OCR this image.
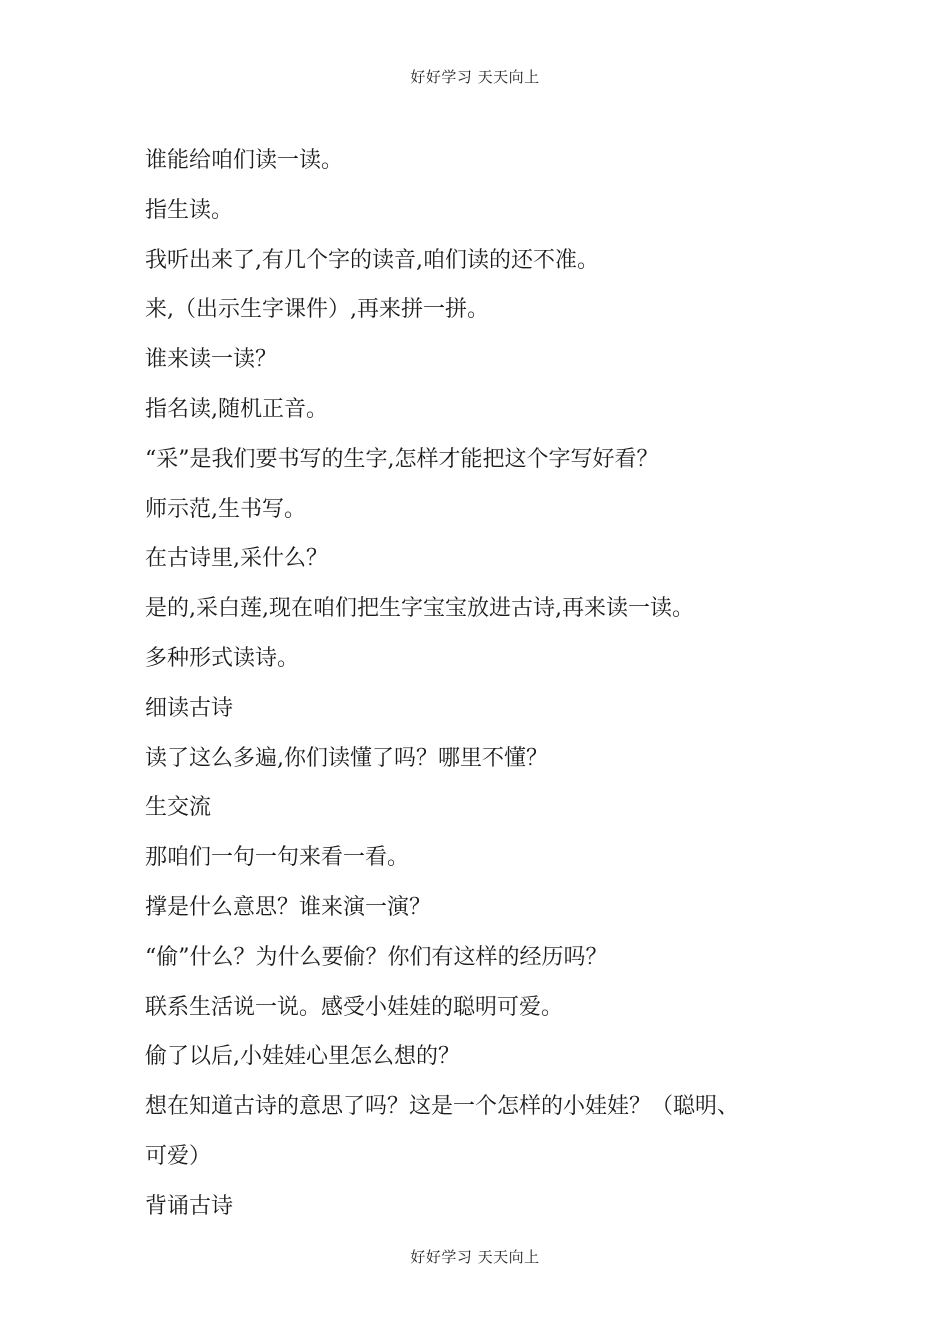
好好学习 天天向上

谁能给咱们读一读。

指生读。

我听出来了,有几个字的读音,咱们读的还不准。

来,（出示生字课件）,再来拼一拼。

谁来读一读？

指名读,随机正音。

“采”是我们要书写的生字,怎样才能把这个字写好看？

师示范,生书写。

在古诗里,采什么？

是的,采白莲,现在咱们把生字宝宝放进古诗,再来读一读。

多种形式读诗。

细读古诗

读了这么多遍,你们读懂了吗？哪里不懂？

生交流

那咱们一句一句来看一看。

撑是什么意思？谁来演一演？

“偷”什么？为什么要偷？你们有这样的经历吗？

联系生活说一说。感受小娃娃的聪明可爱。

偷了以后,小娃娃心里怎么想的？

想在知道古诗的意思了吗？这是一个怎样的小娃娃？（聪明、

可爱）

背诵古诗

好好学习 天天向上
